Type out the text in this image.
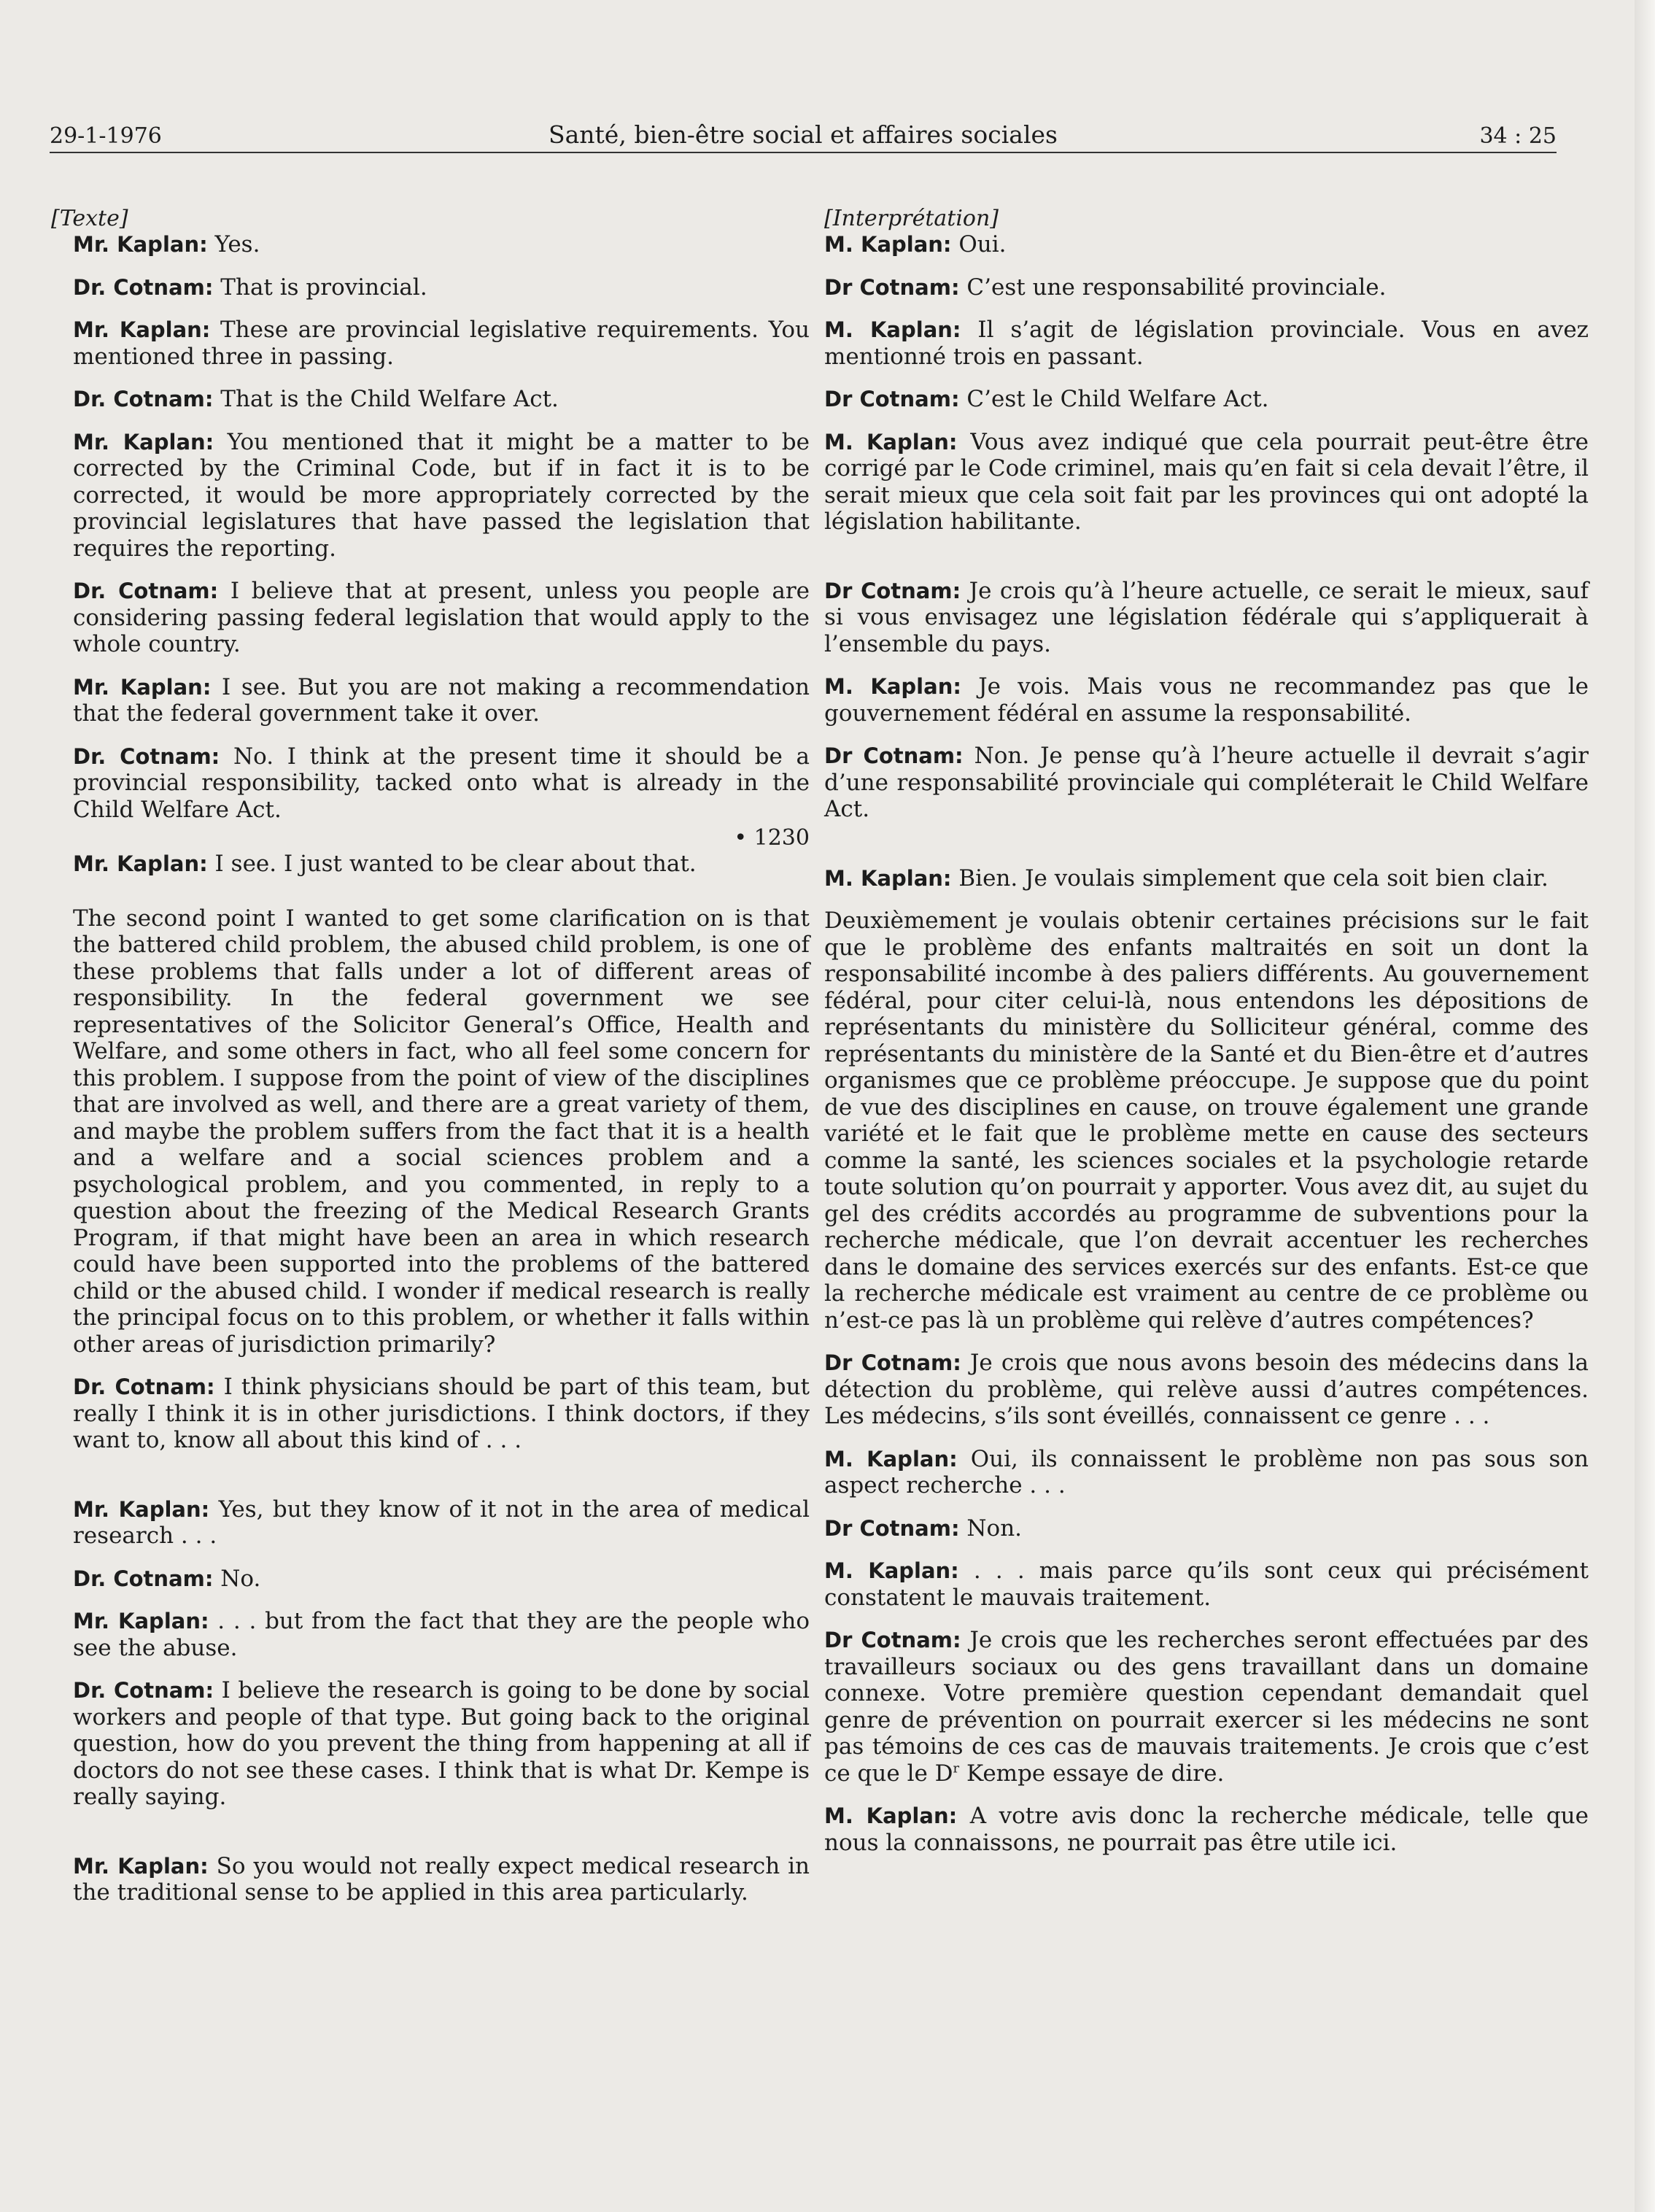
29-1-1976	Santé, bien-être social et affaires sociales	34 : 25
[Texte]

Mr. Kaplan: Yes.

Dr. Cotnam: That is provincial.

Mr. Kaplan: These are provincial legislative requirements. You mentioned three in passing.

Dr. Cotnam: That is the Child Welfare Act.

Mr. Kaplan: You mentioned that it might be a matter to be corrected by the Criminal Code, but if in fact it is to be corrected, it would be more appropriately corrected by the provincial legislatures that have passed the legislation that requires the reporting.

Dr. Cotnam: I believe that at present, unless you people are considering passing federal legislation that would apply to the whole country.

Mr. Kaplan: I see. But you are not making a recommendation that the federal government take it over.

Dr. Cotnam: No. I think at the present time it should be a provincial responsibility, tacked onto what is already in the Child Welfare Act.

• 1230

Mr. Kaplan: I see. I just wanted to be clear about that.

The second point I wanted to get some clarification on is that the battered child problem, the abused child problem, is one of these problems that falls under a lot of different areas of responsibility. In the federal government we see representatives of the Solicitor General’s Office, Health and Welfare, and some others in fact, who all feel some concern for this problem. I suppose from the point of view of the disciplines that are involved as well, and there are a great variety of them, and maybe the problem suffers from the fact that it is a health and a welfare and a social sciences problem and a psychological problem, and you commented, in reply to a question about the freezing of the Medical Research Grants Program, if that might have been an area in which research could have been supported into the problems of the battered child or the abused child. I wonder if medical research is really the principal focus on to this problem, or whether it falls within other areas of jurisdiction primarily?

Dr. Cotnam: I think physicians should be part of this team, but really I think it is in other jurisdictions. I think doctors, if they want to, know all about this kind of . . .

Mr. Kaplan: Yes, but they know of it not in the area of medical research . . .

Dr. Cotnam: No.

Mr. Kaplan: . . . but from the fact that they are the people who see the abuse.

Dr. Cotnam: I believe the research is going to be done by social workers and people of that type. But going back to the original question, how do you prevent the thing from happening at all if doctors do not see these cases. I think that is what Dr. Kempe is really saying.

Mr. Kaplan: So you would not really expect medical research in the traditional sense to be applied in this area particularly.

[Interprétation]

M. Kaplan: Oui.

Dr Cotnam: C’est une responsabilité provinciale.

M. Kaplan: Il s’agit de législation provinciale. Vous en avez mentionné trois en passant.

Dr Cotnam: C’est le Child Welfare Act.

M. Kaplan: Vous avez indiqué que cela pourrait peut-être être corrigé par le Code criminel, mais qu’en fait si cela devait l’être, il serait mieux que cela soit fait par les provinces qui ont adopté la législation habilitante.

Dr Cotnam: Je crois qu’à l’heure actuelle, ce serait le mieux, sauf si vous envisagez une législation fédérale qui s’appliquerait à l’ensemble du pays.

M. Kaplan: Je vois. Mais vous ne recommandez pas que le gouvernement fédéral en assume la responsabilité.

Dr Cotnam: Non. Je pense qu’à l’heure actuelle il devrait s’agir d’une responsabilité provinciale qui compléterait le Child Welfare Act.

M. Kaplan: Bien. Je voulais simplement que cela soit bien clair.

Deuxièmement je voulais obtenir certaines précisions sur le fait que le problème des enfants maltraités en soit un dont la responsabilité incombe à des paliers différents. Au gouvernement fédéral, pour citer celui-là, nous entendons les dépositions de représentants du ministère du Solliciteur général, comme des représentants du ministère de la Santé et du Bien-être et d’autres organismes que ce problème préoccupe. Je suppose que du point de vue des disciplines en cause, on trouve également une grande variété et le fait que le problème mette en cause des secteurs comme la santé, les sciences sociales et la psychologie retarde toute solution qu’on pourrait y apporter. Vous avez dit, au sujet du gel des crédits accordés au programme de subventions pour la recherche médicale, que l’on devrait accentuer les recherches dans le domaine des services exercés sur des enfants. Est-ce que la recherche médicale est vraiment au centre de ce problème ou n’est-ce pas là un problème qui relève d’autres compétences?

Dr Cotnam: Je crois que nous avons besoin des médecins dans la détection du problème, qui relève aussi d’autres compétences. Les médecins, s’ils sont éveillés, connaissent ce genre . . .

M. Kaplan: Oui, ils connaissent le problème non pas sous son aspect recherche . . .

Dr Cotnam: Non.

M. Kaplan: . . . mais parce qu’ils sont ceux qui précisément constatent le mauvais traitement.

Dr Cotnam: Je crois que les recherches seront effectuées par des travailleurs sociaux ou des gens travaillant dans un domaine connexe. Votre première question cependant demandait quel genre de prévention on pourrait exercer si les médecins ne sont pas témoins de ces cas de mauvais traitements. Je crois que c’est ce que le $D^r$ Kempe essaye de dire.

M. Kaplan: A votre avis donc la recherche médicale, telle que nous la connaissons, ne pourrait pas être utile ici.
